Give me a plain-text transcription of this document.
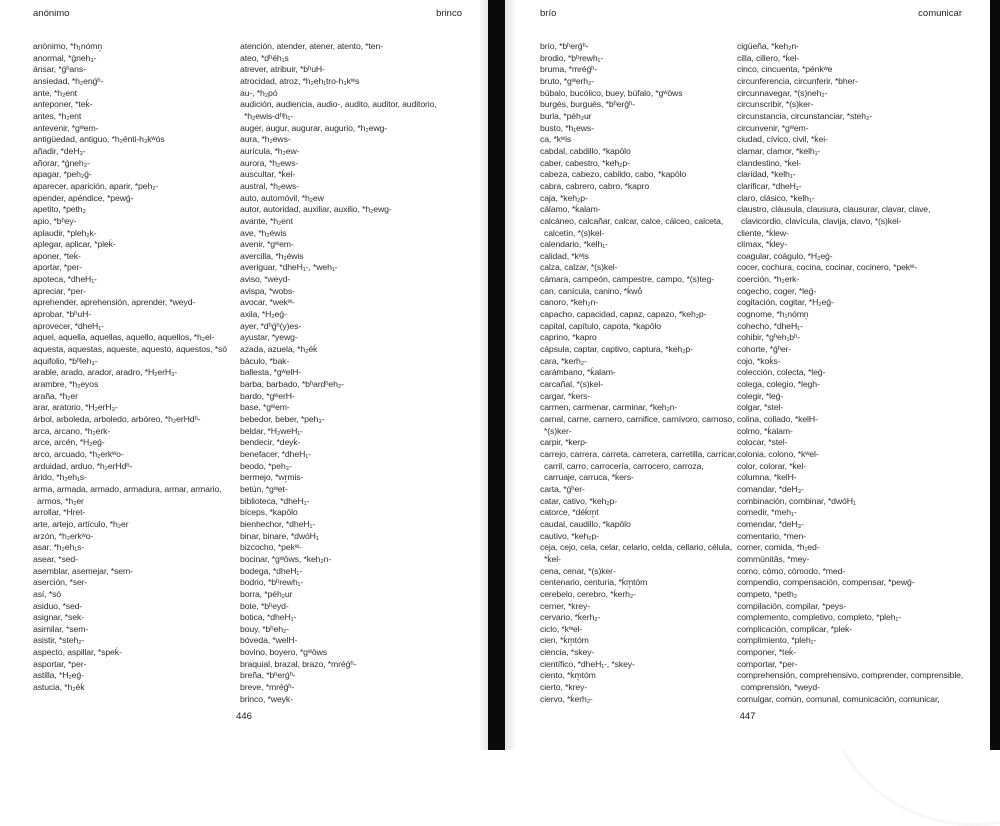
anónimo	brinco
anónimo, *h₁nómn̥
anormal, *ǵneh₃-
ánsar, *ǵʰans-
ansiedad, *h₂enǵʰ-
ante, *h₂ent
anteponer, *teḱ-
antes, *h₂ent
antevenir, *gʷem-
antigüedad, antiguo, *h₂énti-h₃kʷós
añadir, *deH₃-
añorar, *ǵneh₃-
apagar, *peh₂ǵ-
aparecer, aparición, aparir, *peh₂-
apender, apéndice, *pewǵ-
apetito, *peth₂
apio, *bʰey-
aplaudir, *pleh₂k-
aplegar, aplicar, *pleḱ-
aponer, *teḱ-
aportar, *per-
apoteca, *dheH₁-
apreciar, *per-
aprehender, aprehensión, aprender, *weyd-
aprobar, *bʰuH-
aprovecer, *dheH₁-
aquel, aquella, aquellas, aquello, aquellos, *h₂el-
aquesta, aquestas, aqueste, aquesto, aquestos, *só
aquifolio, *bʰleh₃-
arable, arado, arador, aradro, *H₂erH₃-
arambre, *h₂eyos
araña, *h₂er
arar, aratorio, *H₂erH₃-
árbol, arboleda, arboledo, arbóreo, *h₂erHdʰ-
arca, arcano, *h₂erk-
arce, arcén, *H₂eǵ-
arco, arcuado, *h₂erkʷo-
arduidad, arduo, *h₂erHdʰ-
árido, *h₂eh₁s-
arma, armada, armado, armadura, armar, armario, armos, *h₂er
arrollar, *Hret-
arte, artejo, artículo, *h₂er
arzón, *h₂erkʷo-
asar, *h₂eh₁s-
asear, *sed-
asemblar, asemejar, *sem-
aserción, *ser-
así, *só
asiduo, *sed-
asignar, *sek-
asimilar, *sem-
asistir, *steh₂-
aspecto, aspillar, *speḱ-
asportar, *per-
astilla, *H₂eǵ-
astucia, *h₂éḱ
atención, atender, atener, atento, *ten-
ateo, *dʰéh₁s
atrever, atribuir, *bʰuH-
atrocidad, atroz, *h₂eh₁tro-h₃kʷs
au-, *h₂pó
audición, audiencia, audio-, audito, auditor, auditorio, *h₂ewis-dʰh₁-
auger, augur, augurar, augurio, *h₂ewg-
aura, *h₂ews-
aurícula, *h₂ew-
aurora, *h₂ews-
auscultar, *ḱel-
austral, *h₂ews-
auto, automóvil, *h₂ew
autor, autoridad, auxiliar, auxilio, *h₂ewg-
avante, *h₂ent
ave, *h₂éwis
avenir, *gʷem-
avercilla, *h₂éwis
averiguar, *dheH₁-, *weh₁-
aviso, *weyd-
avispa, *wobs-
avocar, *wekʷ-
axila, *H₂eǵ-
ayer, *dʰǵʰ(y)es-
ayustar, *yewg-
azada, azuela, *h₂éḱ
báculo, *bak-
ballesta, *gʷelH-
barba, barbado, *bʰardʰeh₂-
bardo, *gʷerH-
base, *gʷem-
bebedor, beber, *peh₃-
beldar, *H₂weH₁-
bendecir, *deyḱ-
benefacer, *dheH₁-
beodo, *peh₃-
bermejo, *wr̥mis-
betún, *gʷet-
biblioteca, *dheH₁-
bíceps, *kapōlo
bienhechor, *dheH₁-
binar, binare, *dwóH₁
bizcocho, *pekʷ-
bocinar, *gʷōws, *keh₂n-
bodega, *dheH₁-
bodrio, *bʰrewh₁-
borra, *péh₂ur
bote, *bʰeyd-
botica, *dheH₁-
bouy, *bʰeh₂-
bóveda, *welH-
bovino, boyero, *gʷōws
braquial, brazal, brazo, *mréǵʰ-
breña, *bʰerǵʰ-
breve, *mréǵʰ-
brinco, *weyk-
446
brío	comunicar
brío, *bʰerǵʰ-
brodio, *bʰrewh₁-
bruma, *mréǵʰ-
bruto, *gʷerh₂-
búbalo, bucólico, buey, búfalo, *gʷōws
burgés, burgués, *bʰerǵʰ-
burla, *péh₂ur
busto, *h₁ews-
ca, *kʷis
cabdal, cabdillo, *kapōlo
caber, cabestro, *keh₂p-
cabeza, cabezo, cabildo, cabo, *kapōlo
cabra, cabrero, cabro, *kapro
caja, *keh₂p-
cálamo, *ḱalam-
calcáneo, calcañar, calcar, calce, cálceo, calceta, calcetín, *(s)kel-
calendario, *kelh₁-
calidad, *kʷis
calza, calzar, *(s)kel-
cámara, campeón, campestre, campo, *(s)teg-
can, canícula, canino, *ḱwṓ
canoro, *keh₂n-
capacho, capacidad, capaz, capazo, *keh₂p-
capital, capítulo, capota, *kapōlo
caprino, *kapro
cápsula, captar, captivo, captura, *keh₂p-
cara, *kerh₂-
carámbano, *ḱalam-
carcañal, *(s)kel-
cargar, *ḱers-
carmen, carmenar, carminar, *keh₂n-
carnal, carne, carnero, carnifice, carnívoro, carnoso, *(s)ker-
carpir, *kerp-
carrejo, carrera, carreta, carretera, carretilla, carricar, carril, carro, carrocería, carrocero, carroza, carruaje, carruca, *ḱers-
carta, *ǵʰer-
catar, cativo, *keh₂p-
catorce, *déḱm̥t
caudal, caudillo, *kapōlo
cautivo, *keh₂p-
ceja, cejo, cela, celar, celario, celda, cellario, célula, *ḱel-
cena, cenar, *(s)ker-
centenario, centuria, *ḱm̥tóm
cerebelo, cerebro, *ḱerh₂-
cerner, *krey-
cervario, *ḱerh₂-
ciclo, *kʷel-
cien, *ḱm̥tóm
ciencia, *skey-
científico, *dheH₁-, *skey-
ciento, *ḱm̥tóm
cierto, *krey-
ciervo, *ḱerh₂-
cigüeña, *keh₂n-
cilla, cillero, *ḱel-
cinco, cincuenta, *pénkʷe
circunferencia, circunferir, *bher-
circunnavegar, *(s)neh₂-
circunscribir, *(s)ker-
circunstancia, circunstanciar, *steh₂-
circunvenir, *gʷem-
ciudad, cívico, civil, *ḱei-
clamar, clamor, *kelh₁-
clandestino, *ḱel-
claridad, *kelh₁-
clarificar, *dheH₁-
claro, clásico, *kelh₁-
claustro, cláusula, clausura, clausurar, clavar, clave, clavicordio, clavícula, clavija, clavo, *(s)kel-
cliente, *ḱlew-
clímax, *ḱley-
coagular, coágulo, *H₂eǵ-
cocer, cochura, cocina, cocinar, cocinero, *pekʷ-
coerción, *h₂erk-
cogecho, coger, *leǵ-
cogitación, cogitar, *H₂eǵ-
cognome, *h₁nómn̥
cohecho, *dheH₁-
cohibir, *gʰeh₁bʰ-
cohorte, *ǵʰer-
cojo, *koḱs-
colección, colecta, *leǵ-
colega, colegio, *legh-
colegir, *leǵ-
colgar, *stel-
colina, collado, *kelH-
colmo, *ḱalam-
colocar, *stel-
colonia, colono, *kʷel-
color, colorar, *ḱel-
columna, *kelH-
comandar, *deH₃-
combinación, combinar, *dwóH₁
comedir, *meh₁-
comendar, *deH₃-
comentario, *men-
comer, comida, *h₁ed-
commūnitās, *mey-
como, cómo, cómodo, *med-
compendio, compensación, compensar, *pewǵ-
competo, *peth₂
compilación, compilar, *peys-
complemento, completivo, completo, *pleh₁-
complicación, complicar, *pleḱ-
complimiento, *pleh₁-
componer, *teḱ-
comportar, *per-
comprehensión, comprehensivo, comprender, comprensible, comprensión, *weyd-
comulgar, común, comunal, comunicación, comunicar,
447
